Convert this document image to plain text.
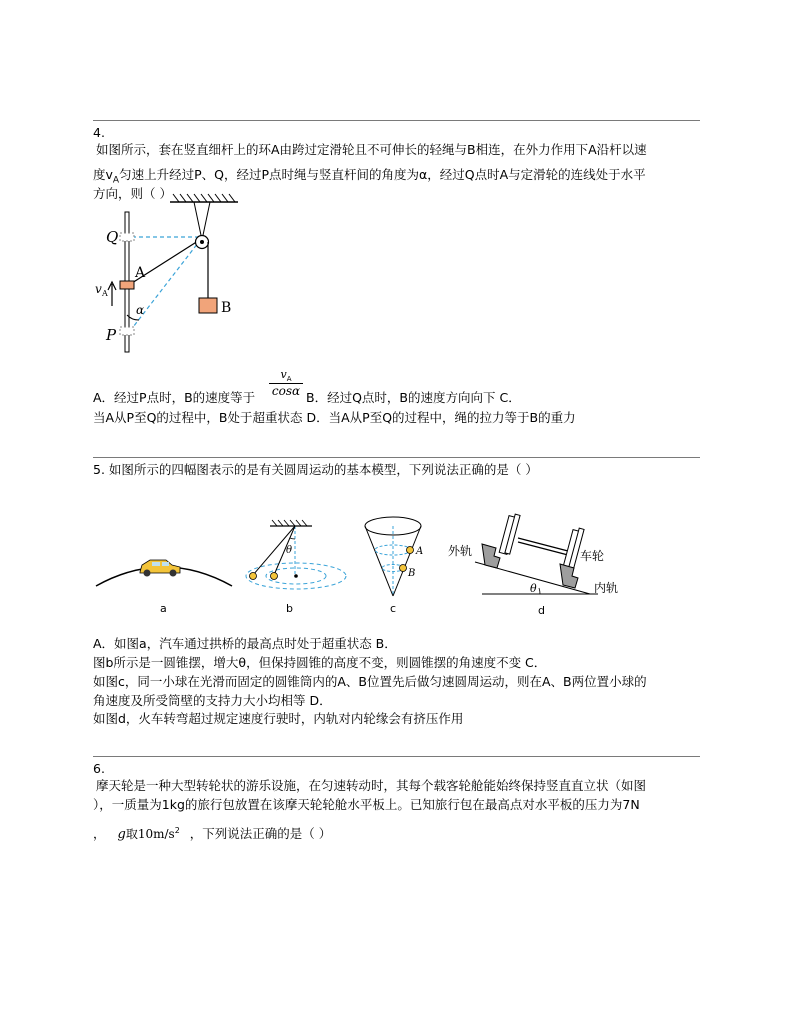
4.
如图所示，套在竖直细杆上的环A由跨过定滑轮且不可伸长的轻绳与B相连，在外力作用下A沿杆以速
度$v_A$匀速上升经过P、Q，经过P点时绳与竖直杆间的角度为α，经过Q点时A与定滑轮的连线处于水平
方向，则（ ）
Q
A
B
P
v A
α
$v_A$
cosα
A．经过P点时，B的速度等于	B．经过Q点时，B的速度方向向下 C．
当A从P至Q的过程中，B处于超重状态 D．当A从P至Q的过程中，绳的拉力等于B的重力
5. 如图所示的四幅图表示的是有关圆周运动的基本模型，下列说法正确的是（ ）
a
θ
b
A
B
c
θ
外轨	车轮
内轨
d
A．如图a，汽车通过拱桥的最高点时处于超重状态 B．
图b所示是一圆锥摆，增大θ，但保持圆锥的高度不变，则圆锥摆的角速度不变 C．
如图c，同一小球在光滑而固定的圆锥筒内的A、B位置先后做匀速圆周运动，则在A、B两位置小球的
角速度及所受筒壁的支持力大小均相等 D．
如图d，火车转弯超过规定速度行驶时，内轨对内轮缘会有挤压作用
6.
摩天轮是一种大型转轮状的游乐设施，在匀速转动时，其每个载客轮舱能始终保持竖直直立状（如图
），一质量为1kg的旅行包放置在该摩天轮轮舱水平板上。已知旅行包在最高点对水平板的压力为7N
， g取$10m/s^2$ ，下列说法正确的是（ ）
